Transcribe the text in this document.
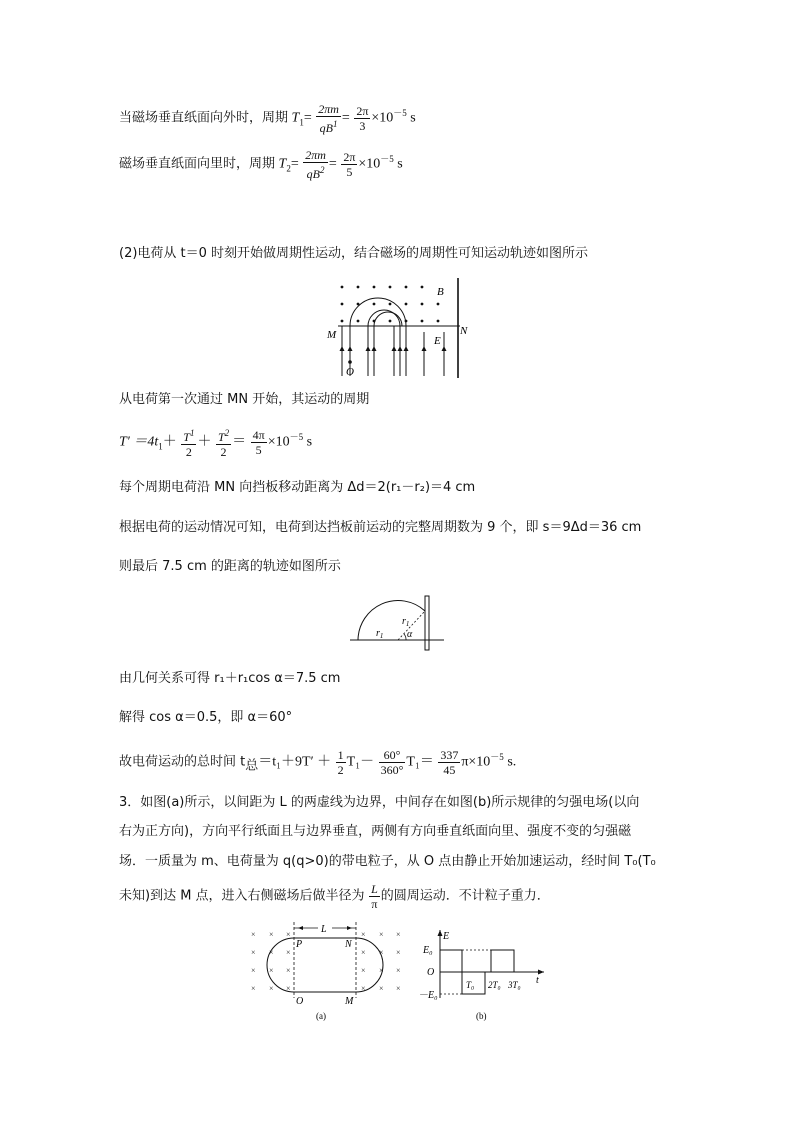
当磁场垂直纸面向外时，周期 $T_1= \frac{2\pi m}{qB^1} = \frac{2\pi}{3} \times 10^{-5}$ s
磁场垂直纸面向里时，周期 $T_2= \frac{2\pi m}{qB^2} = \frac{2\pi}{5} \times 10^{-5}$ s
(2)电荷从 t＝0 时刻开始做周期性运动，结合磁场的周期性可知运动轨迹如图所示
B
M	N
E
O
从电荷第一次通过 MN 开始，其运动的周期
$T' =4t_1+ \frac{T^1}{2} + \frac{T^2}{2} = \frac{4\pi}{5} \times 10^{-5}$ s
每个周期电荷沿 MN 向挡板移动距离为 Δd＝2(r₁－r₂)＝4 cm
根据电荷的运动情况可知，电荷到达挡板前运动的完整周期数为 9 个，即 s＝9Δd＝36 cm
则最后 7.5 cm 的距离的轨迹如图所示
$r_1$
$r_1$
α
由几何关系可得 r₁＋r₁cos α＝7.5 cm
解得 cos α＝0.5，即 α＝60°
故电荷运动的总时间 $t_总=t_1+9T' + \frac{1}{2} T_1- \frac{60^\circ}{360^\circ} T_1= \frac{337}{45} \pi\times 10^{-5}$ s.
3．如图(a)所示，以间距为 L 的两虚线为边界，中间存在如图(b)所示规律的匀强电场(以向
右为正方向)，方向平行纸面且与边界垂直，两侧有方向垂直纸面向里、强度不变的匀强磁
场．一质量为 m、电荷量为 q(q>0)的带电粒子，从 O 点由静止开始加速运动，经时间 T₀(T₀
未知)到达 M 点，进入右侧磁场后做半径为 $\frac{L}{\pi}$ 的圆周运动．不计粒子重力．
× × ×
× × ×
× × ×
× × ×
× × ×
× × ×
× × ×
× × ×
L
P	N
O	M
(a)
E
E₀
O
－E₀
T₀ 2T₀ 3T₀ t
(b)
